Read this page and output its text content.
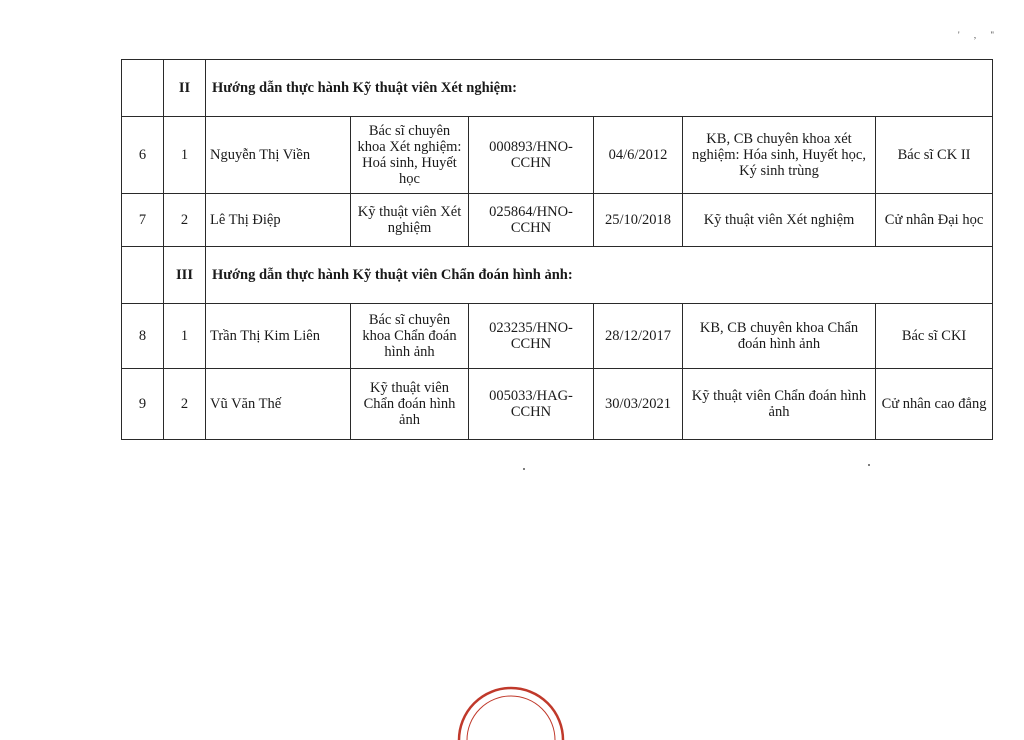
' , "
	II	Hướng dẫn thực hành Kỹ thuật viên Xét nghiệm:					
6	1	Nguyễn Thị Viền	Bác sĩ chuyên khoa Xét nghiệm: Hoá sinh, Huyết học	000893/HNO-CCHN	04/6/2012	KB, CB chuyên khoa xét nghiệm: Hóa sinh, Huyết học, Ký sinh trùng	Bác sĩ CK II
7	2	Lê Thị Điệp	Kỹ thuật viên Xét nghiệm	025864/HNO-CCHN	25/10/2018	Kỹ thuật viên Xét nghiệm	Cử nhân Đại học
	III	Hướng dẫn thực hành Kỹ thuật viên Chẩn đoán hình ảnh:					
8	1	Trần Thị Kim Liên	Bác sĩ chuyên khoa Chẩn đoán hình ảnh	023235/HNO-CCHN	28/12/2017	KB, CB chuyên khoa Chẩn đoán hình ảnh	Bác sĩ CKI
9	2	Vũ Văn Thế	Kỹ thuật viên Chẩn đoán hình ảnh	005033/HAG-CCHN	30/03/2021	Kỹ thuật viên Chẩn đoán hình ảnh	Cử nhân cao đẳng
